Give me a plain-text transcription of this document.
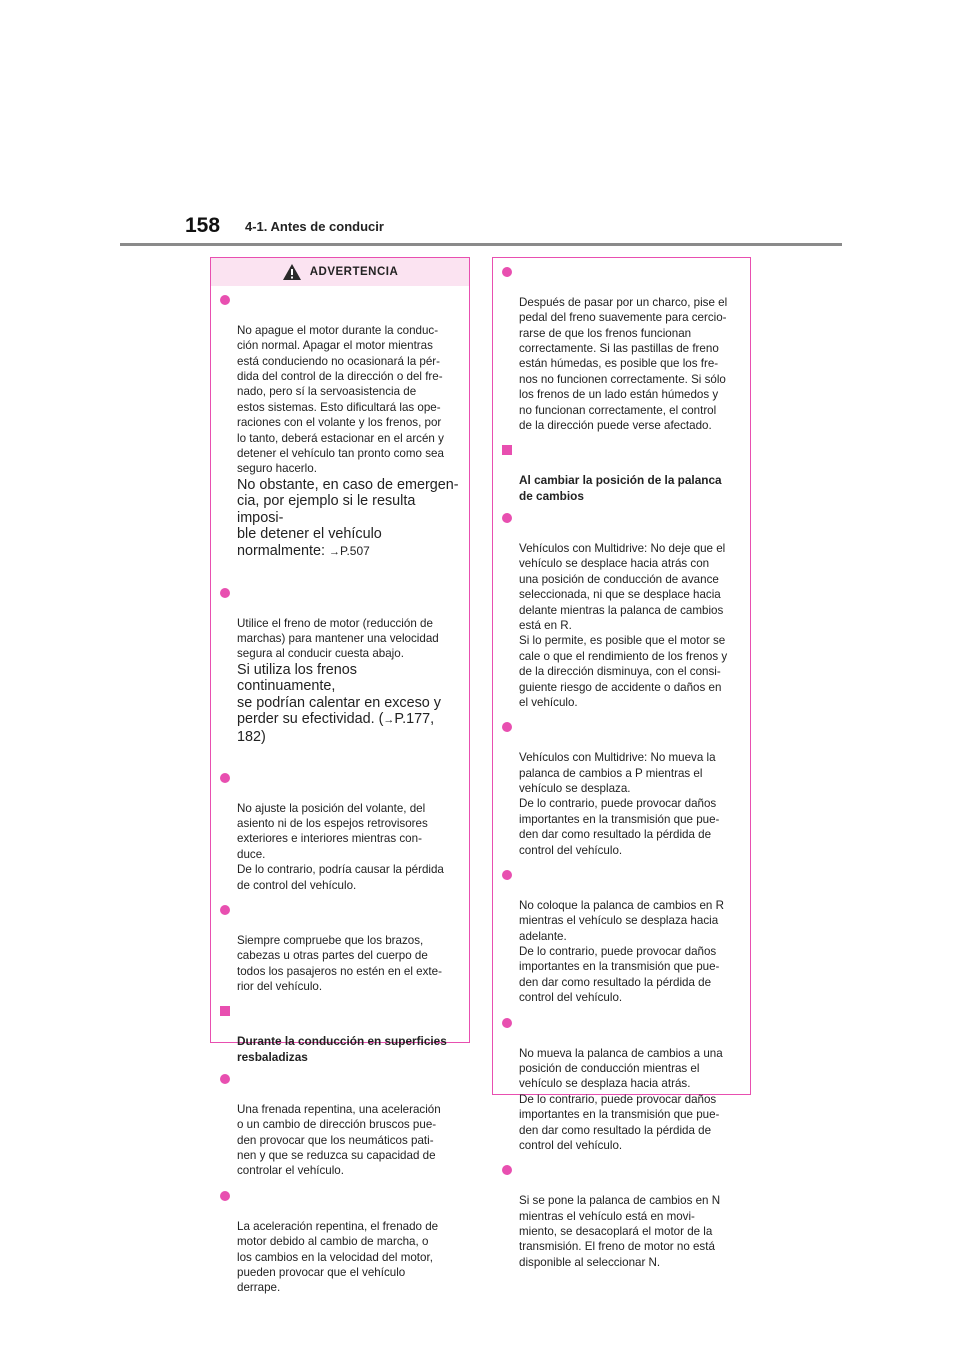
158 4-1. Antes de conducir
ADVERTENCIA

No apague el motor durante la conduc-
ción normal. Apagar el motor mientras
está conduciendo no ocasionará la pér-
dida del control de la dirección o del fre-
nado, pero sí la servoasistencia de
estos sistemas. Esto dificultará las ope-
raciones con el volante y los frenos, por
lo tanto, deberá estacionar en el arcén y
detener el vehículo tan pronto como sea
seguro hacerlo.

No obstante, en caso de emergen-
cia, por ejemplo si le resulta imposi-
ble detener el vehículo
normalmente: →P.507

Utilice el freno de motor (reducción de
marchas) para mantener una velocidad
segura al conducir cuesta abajo.

Si utiliza los frenos continuamente,
se podrían calentar en exceso y
perder su efectividad. (→P.177,
182)

No ajuste la posición del volante, del
asiento ni de los espejos retrovisores
exteriores e interiores mientras con-
duce.
De lo contrario, podría causar la pérdida
de control del vehículo.

Siempre compruebe que los brazos,
cabezas u otras partes del cuerpo de
todos los pasajeros no estén en el exte-
rior del vehículo.

Durante la conducción en superficies
resbaladizas

Una frenada repentina, una aceleración
o un cambio de dirección bruscos pue-
den provocar que los neumáticos pati-
nen y que se reduzca su capacidad de
controlar el vehículo.

La aceleración repentina, el frenado de
motor debido al cambio de marcha, o
los cambios en la velocidad del motor,
pueden provocar que el vehículo
derrape.

Después de pasar por un charco, pise el
pedal del freno suavemente para cercio-
rarse de que los frenos funcionan
correctamente. Si las pastillas de freno
están húmedas, es posible que los fre-
nos no funcionen correctamente. Si sólo
los frenos de un lado están húmedos y
no funcionan correctamente, el control
de la dirección puede verse afectado.

Al cambiar la posición de la palanca
de cambios

Vehículos con Multidrive: No deje que el
vehículo se desplace hacia atrás con
una posición de conducción de avance
seleccionada, ni que se desplace hacia
delante mientras la palanca de cambios
está en R.
Si lo permite, es posible que el motor se
cale o que el rendimiento de los frenos y
de la dirección disminuya, con el consi-
guiente riesgo de accidente o daños en
el vehículo.

Vehículos con Multidrive: No mueva la
palanca de cambios a P mientras el
vehículo se desplaza.
De lo contrario, puede provocar daños
importantes en la transmisión que pue-
den dar como resultado la pérdida de
control del vehículo.

No coloque la palanca de cambios en R
mientras el vehículo se desplaza hacia
adelante.
De lo contrario, puede provocar daños
importantes en la transmisión que pue-
den dar como resultado la pérdida de
control del vehículo.

No mueva la palanca de cambios a una
posición de conducción mientras el
vehículo se desplaza hacia atrás.
De lo contrario, puede provocar daños
importantes en la transmisión que pue-
den dar como resultado la pérdida de
control del vehículo.

Si se pone la palanca de cambios en N
mientras el vehículo está en movi-
miento, se desacoplará el motor de la
transmisión. El freno de motor no está
disponible al seleccionar N.
